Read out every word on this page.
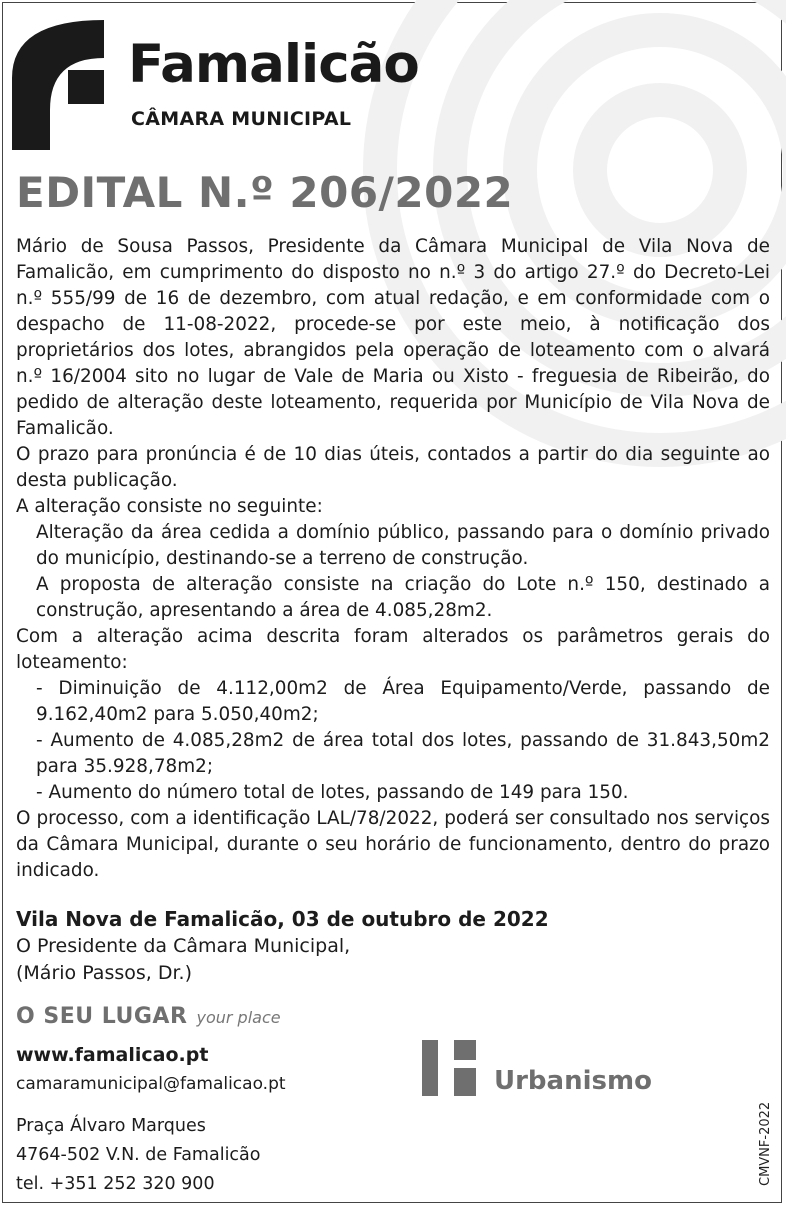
Famalicão
CÂMARA MUNICIPAL
EDITAL N.º 206/2022

Mário de Sousa Passos, Presidente da Câmara Municipal de Vila Nova de Famalicão, em cumprimento do disposto no n.º 3 do artigo 27.º do Decreto-Lei n.º 555/99 de 16 de dezembro, com atual redação, e em conformidade com o despacho de 11-08-2022, procede-se por este meio, à notificação dos proprietários dos lotes, abrangidos pela operação de loteamento com o alvará n.º 16/2004 sito no lugar de Vale de Maria ou Xisto - freguesia de Ribeirão, do pedido de alteração deste loteamento, requerida por Município de Vila Nova de Famalicão.

O prazo para pronúncia é de 10 dias úteis, contados a partir do dia seguinte ao desta publicação.

A alteração consiste no seguinte:

Alteração da área cedida a domínio público, passando para o domínio privado do município, destinando-se a terreno de construção.

A proposta de alteração consiste na criação do Lote n.º 150, destinado a construção, apresentando a área de 4.085,28m2.

Com a alteração acima descrita foram alterados os parâmetros gerais do loteamento:

- Diminuição de 4.112,00m2 de Área Equipamento/Verde, passando de 9.162,40m2 para 5.050,40m2;

- Aumento de 4.085,28m2 de área total dos lotes, passando de 31.843,50m2 para 35.928,78m2;

- Aumento do número total de lotes, passando de 149 para 150.

O processo, com a identificação LAL/78/2022, poderá ser consultado nos serviços da Câmara Municipal, durante o seu horário de funcionamento, dentro do prazo indicado.

Vila Nova de Famalicão, 03 de outubro de 2022
O Presidente da Câmara Municipal,
(Mário Passos, Dr.)
O SEU LUGAR your place
www.famalicao.pt
camaramunicipal@famalicao.pt
Praça Álvaro Marques
4764-502 V.N. de Famalicão
tel. +351 252 320 900
Urbanismo
CMVNF-2022
